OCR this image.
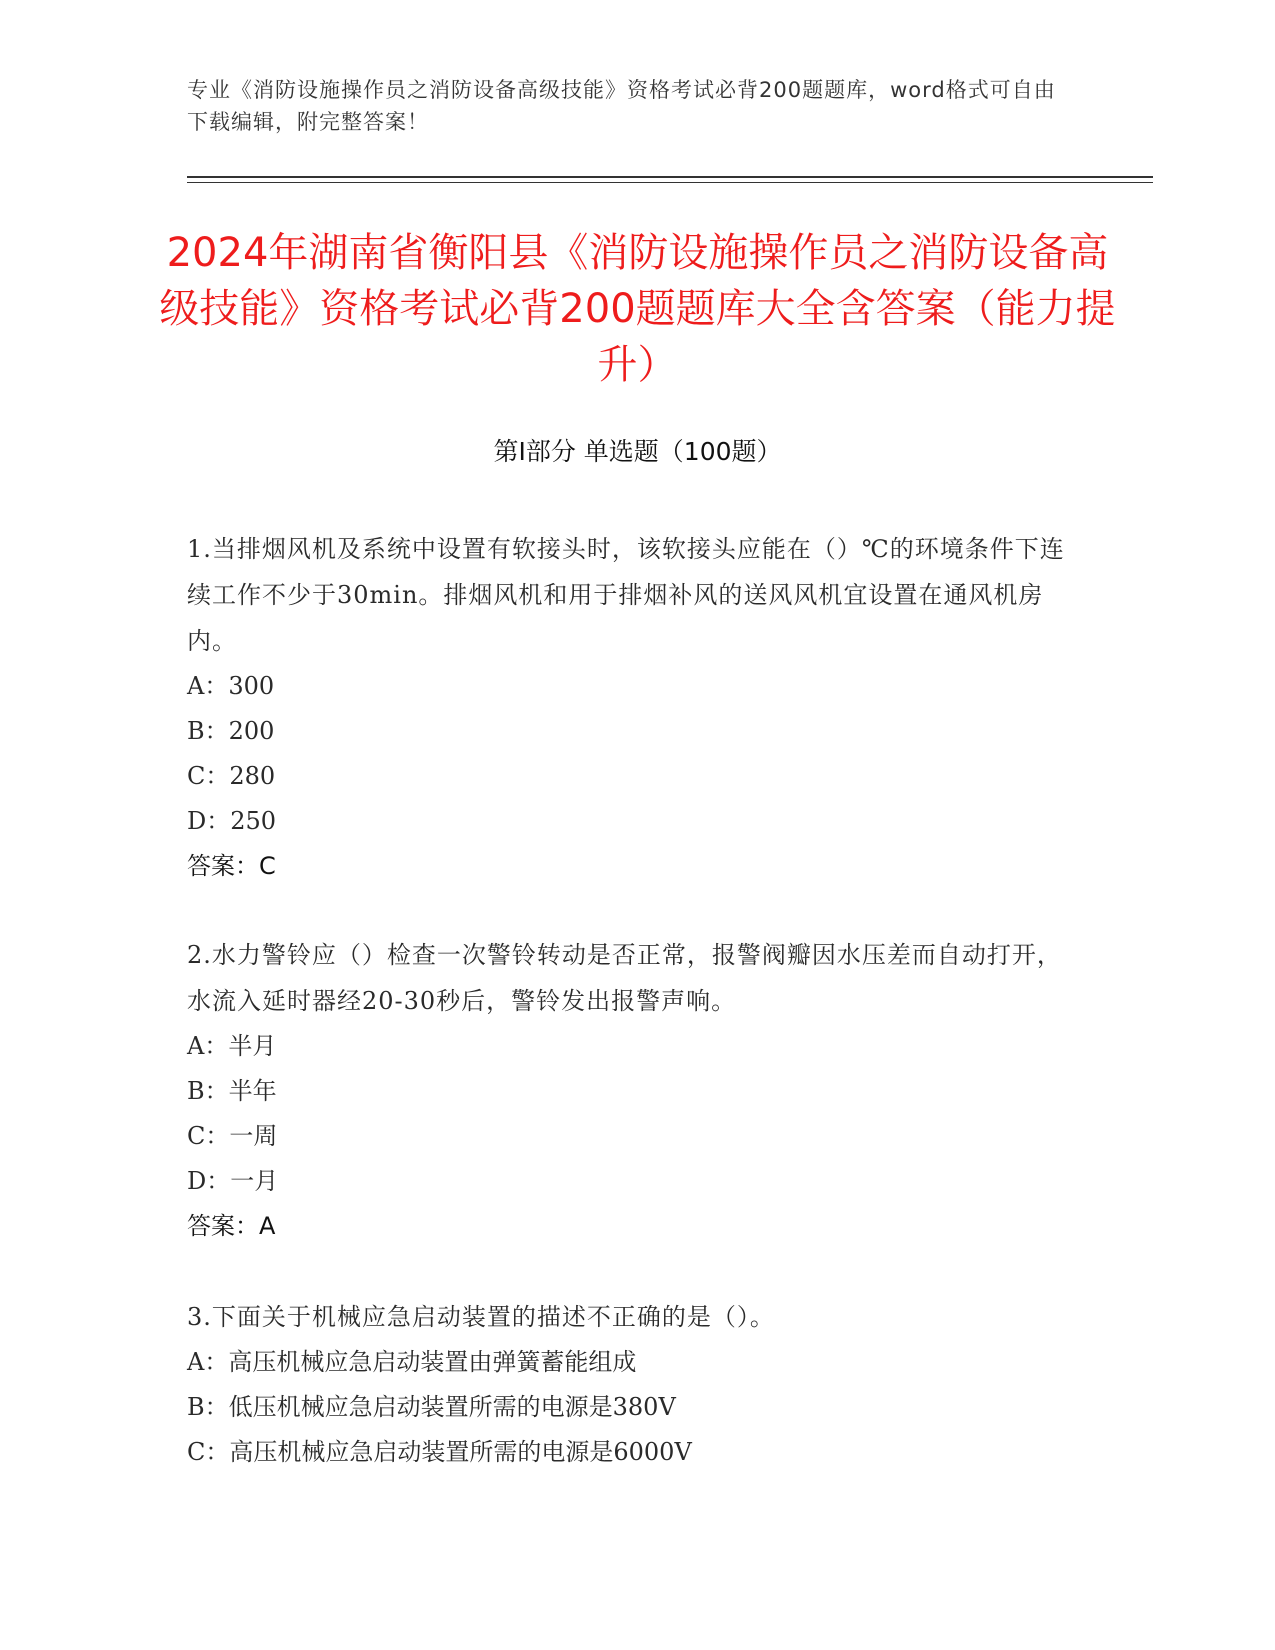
专业《消防设施操作员之消防设备高级技能》资格考试必背200题题库，word格式可自由下载编辑，附完整答案！
2024年湖南省衡阳县《消防设施操作员之消防设备高级技能》资格考试必背200题题库大全含答案（能力提升）
第I部分 单选题（100题）
1.当排烟风机及系统中设置有软接头时，该软接头应能在（）℃的环境条件下连续工作不少于30min。排烟风机和用于排烟补风的送风风机宜设置在通风机房内。
A：300
B：200
C：280
D：250
答案：C
2.水力警铃应（）检查一次警铃转动是否正常，报警阀瓣因水压差而自动打开，水流入延时器经20-30秒后，警铃发出报警声响。
A：半月
B：半年
C：一周
D：一月
答案：A
3.下面关于机械应急启动装置的描述不正确的是（）。
A：高压机械应急启动装置由弹簧蓄能组成
B：低压机械应急启动装置所需的电源是380V
C：高压机械应急启动装置所需的电源是6000V
